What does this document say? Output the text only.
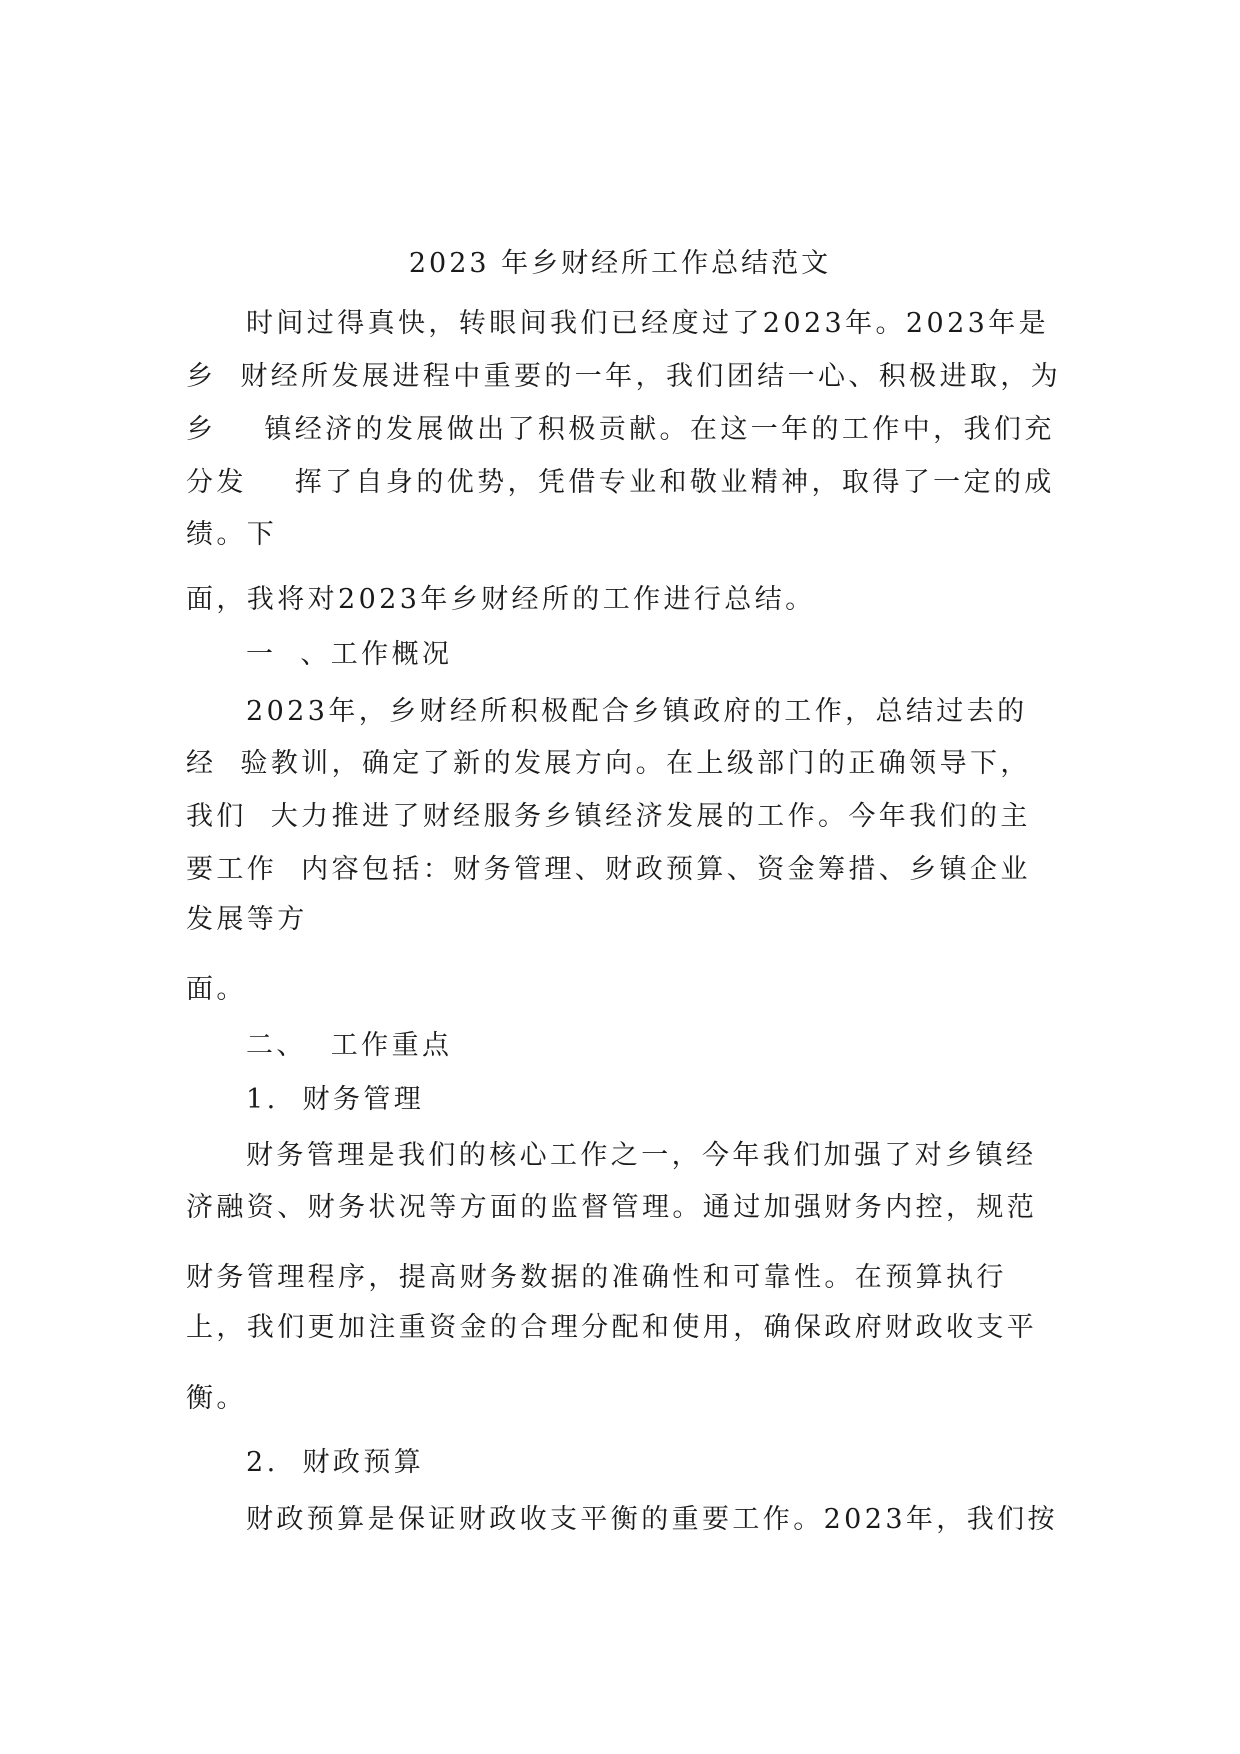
2023 年乡财经所工作总结范文
时间过得真快，转眼间我们已经度过了2023年。2023年是
乡  财经所发展进程中重要的一年，我们团结一心、积极进取，为
乡    镇经济的发展做出了积极贡献。在这一年的工作中，我们充
分发    挥了自身的优势，凭借专业和敬业精神，取得了一定的成
绩。下
面，我将对2023年乡财经所的工作进行总结。
一  、工作概况
2023年，乡财经所积极配合乡镇政府的工作，总结过去的
经  验教训，确定了新的发展方向。在上级部门的正确领导下，
我们  大力推进了财经服务乡镇经济发展的工作。今年我们的主
要工作  内容包括：财务管理、财政预算、资金筹措、乡镇企业
发展等方
面。
二、  工作重点
1.  财务管理
财务管理是我们的核心工作之一，今年我们加强了对乡镇经
济融资、财务状况等方面的监督管理。通过加强财务内控，规范
财务管理程序，提高财务数据的准确性和可靠性。在预算执行
上，我们更加注重资金的合理分配和使用，确保政府财政收支平
衡。
2.  财政预算
财政预算是保证财政收支平衡的重要工作。2023年，我们按
